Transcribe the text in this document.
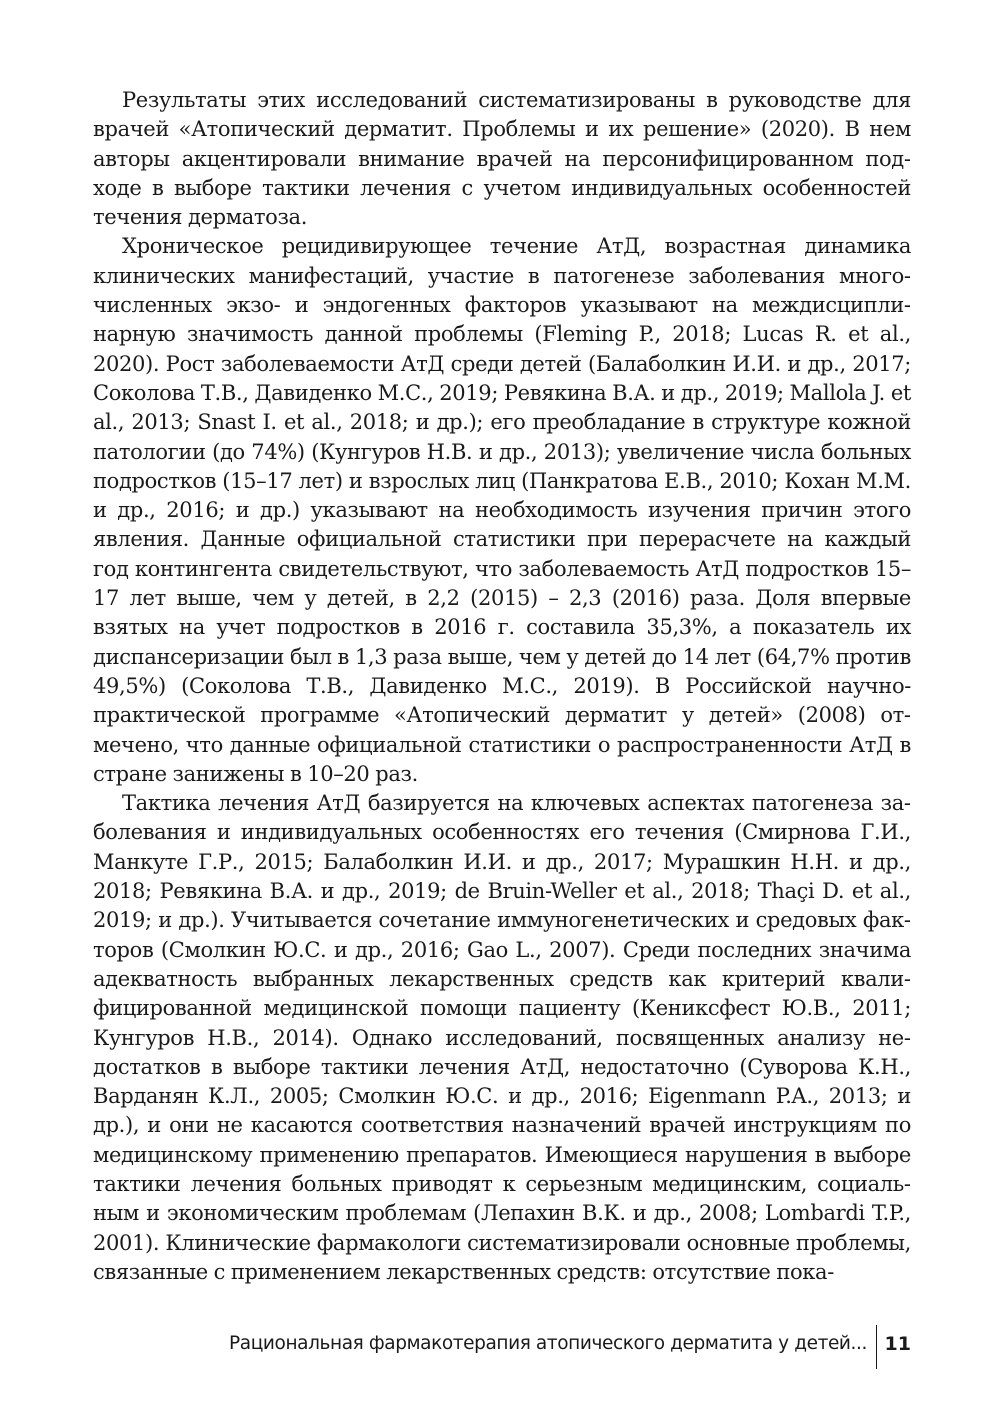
Результаты этих исследований систематизированы в руководстве для врачей «Атопический дерматит. Проблемы и их решение» (2020). В нем авторы акцентировали внимание врачей на персонифицированном подходе в выборе тактики лечения с учетом индивидуальных особенностей течения дерматоза.

Хроническое рецидивирующее течение АтД, возрастная динамика клинических манифестаций, участие в патогенезе заболевания многочисленных экзо- и эндогенных факторов указывают на междисциплинарную значимость данной проблемы (Fleming P., 2018; Lucas R. et al., 2020). Рост заболеваемости АтД среди детей (Балаболкин И.И. и др., 2017; Соколова Т.В., Давиденко М.С., 2019; Ревякина В.А. и др., 2019; Mallola J. et al., 2013; Snast I. et al., 2018; и др.); его преобладание в структуре кожной патологии (до 74%) (Кунгуров Н.В. и др., 2013); увеличение числа больных подростков (15–17 лет) и взрослых лиц (Панкратова Е.В., 2010; Кохан М.М. и др., 2016; и др.) указывают на необходимость изучения причин этого явления. Данные официальной статистики при перерасчете на каждый год контингента свидетельствуют, что заболеваемость АтД подростков 15–17 лет выше, чем у детей, в 2,2 (2015) – 2,3 (2016) раза. Доля впервые взятых на учет подростков в 2016 г. составила 35,3%, а показатель их диспансеризации был в 1,3 раза выше, чем у детей до 14 лет (64,7% против 49,5%) (Соколова Т.В., Давиденко М.С., 2019). В Российской научно-практической программе «Атопический дерматит у детей» (2008) отмечено, что данные официальной статистики о распространенности АтД в стране занижены в 10–20 раз.

Тактика лечения АтД базируется на ключевых аспектах патогенеза заболевания и индивидуальных особенностях его течения (Смирнова Г.И., Манкуте Г.Р., 2015; Балаболкин И.И. и др., 2017; Мурашкин Н.Н. и др., 2018; Ревякина В.А. и др., 2019; de Bruin-Weller et al., 2018; Thaçi D. et al., 2019; и др.). Учитывается сочетание иммуногенетических и средовых факторов (Смолкин Ю.С. и др., 2016; Gao L., 2007). Среди последних значима адекватность выбранных лекарственных средств как критерий квалифицированной медицинской помощи пациенту (Кениксфест Ю.В., 2011; Кунгуров Н.В., 2014). Однако исследований, посвященных анализу недостатков в выборе тактики лечения АтД, недостаточно (Суворова К.Н., Варданян К.Л., 2005; Смолкин Ю.С. и др., 2016; Eigenmann P.A., 2013; и др.), и они не касаются соответствия назначений врачей инструкциям по медицинскому применению препаратов. Имеющиеся нарушения в выборе тактики лечения больных приводят к серьезным медицинским, социальным и экономическим проблемам (Лепахин В.К. и др., 2008; Lombardi T.P., 2001). Клинические фармакологи систематизировали основные проблемы, связанные с применением лекарственных средств: отсутствие пока-

Рациональная фармакотерапия атопического дерматита у детей... 11
